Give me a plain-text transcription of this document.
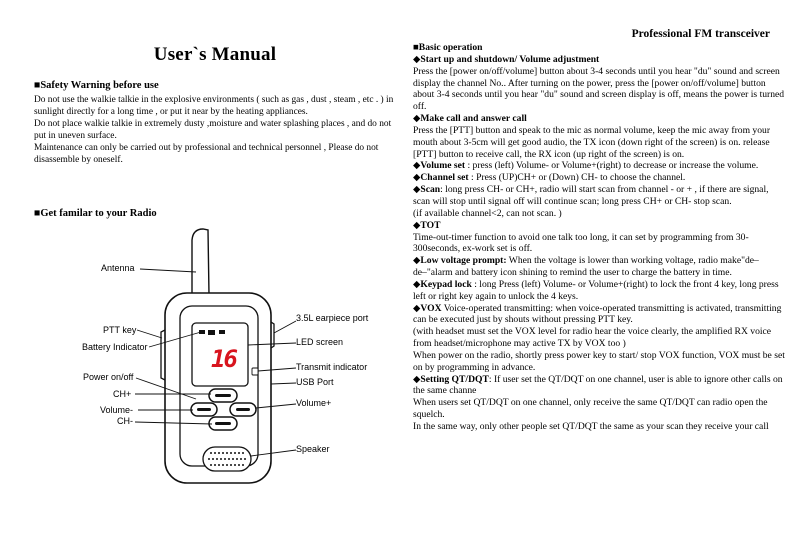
User`s Manual
Professional FM transceiver
■Safety Warning before use

Do not use the walkie talkie in the explosive environments ( such as gas , dust , steam , etc . ) in sunlight directly for a long time , or put it near by the heating appliances.

Do not place walkie talkie in extremely dusty ,moisture and water splashing places , and do not put in uneven surface.

Maintenance can only be carried out by professional and technical personnel , Please do not disassemble by oneself.

■Get familar to your Radio
16
Antenna
PTT key
Battery Indicator
Power on/off
CH+
Volume-
CH-
3.5L earpiece port
LED screen
Transmit indicator
USB Port
Volume+
Speaker

■Basic operation

◆Start up and shutdown/ Volume adjustment

Press the [power on/off/volume] button about 3-4 seconds until you hear "du" sound and screen display the channel No.. After turning on the power, press the [power on/off/volume] button about 3-4 seconds until you hear "du" sound and screen display is off, means the power is turned off.

◆Make call and answer call

Press the [PTT] button and speak to the mic as normal volume, keep the mic away from your mouth about 3-5cm will get good audio, the TX icon (down right of the screen) is on. release [PTT] button to receive call, the RX icon (up right of the screen) is on.

◆Volume set : press (left) Volume- or Volume+(right) to decrease or increase the volume.

◆Channel set : Press (UP)CH+ or (Down) CH- to choose the channel.

◆Scan: long press CH- or CH+, radio will start scan from channel - or + , if there are signal, scan will stop until signal off will continue scan; long press CH+ or CH- stop scan.

(if available channel<2, can not scan. )

◆TOT

Time-out-timer function to avoid one talk too long, it can set by programming from 30-300seconds, ex-work set is off.

◆Low voltage prompt: When the voltage is lower than working voltage, radio make"de–de–"alarm and battery icon shining to remind the user to charge the battery in time.

◆Keypad lock : long Press (left) Volume- or Volume+(right) to lock the front 4 key, long press left or right key again to unlock the 4 keys.

◆VOX Voice-operated transmitting: when voice-operated transmitting is activated, transmitting can be executed just by shouts without pressing PTT key.

(with headset must set the VOX level for radio hear the voice clearly, the amplified RX voice from headset/microphone may active TX by VOX too )

When power on the radio, shortly press power key to start/ stop VOX function, VOX must be set on by programming in advance.

◆Setting QT/DQT: If user set the QT/DQT on one channel, user is able to ignore other calls on the same channe

When users set QT/DQT on one channel, only receive the same QT/DQT can radio open the squelch.

In the same way, only other people set QT/DQT the same as your scan they receive your call
